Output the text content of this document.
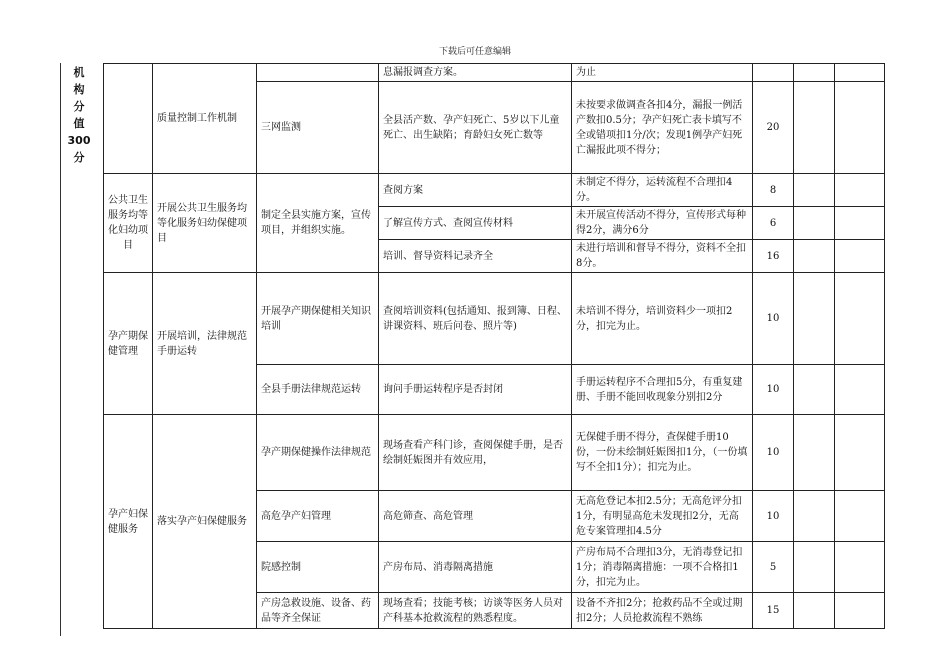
下载后可任意编辑
机
构
分
值
300
分
	质量控制工作机制		息漏报调查方案。	为止			
		三网监测	全县活产数、孕产妇死亡、5岁以下儿童死亡、出生缺陷；育龄妇女死亡数等	未按要求做调查各扣4分，漏报一例活产数扣0.5分；孕产妇死亡表卡填写不全或错项扣1分/次；发现1例孕产妇死亡漏报此项不得分；	20		
公共卫生服务均等化妇幼项目	开展公共卫生服务均等化服务妇幼保健项目	制定全县实施方案，宣传项目，并组织实施。	查阅方案	未制定不得分，运转流程不合理扣4分。	8		
			了解宣传方式、查阅宣传材料	未开展宣传活动不得分，宣传形式每种得2分，满分6分	6		
			培训、督导资料记录齐全	未进行培训和督导不得分，资料不全扣8分。	16		
孕产期保健管理	开展培训，法律规范手册运转	开展孕产期保健相关知识培训	查阅培训资料(包括通知、报到簿、日程、讲课资料、班后问卷、照片等)	未培训不得分，培训资料少一项扣2分，扣完为止。	10		
		全县手册法律规范运转	询问手册运转程序是否封闭	手册运转程序不合理扣5分，有重复建册、手册不能回收现象分别扣2分	10		
孕产妇保健服务	落实孕产妇保健服务	孕产期保健操作法律规范	现场查看产科门诊，查阅保健手册，是否绘制妊娠图并有效应用，	无保健手册不得分，查保健手册10份，一份未绘制妊娠图扣1分，（一份填写不全扣1分）；扣完为止。	10		
		高危孕产妇管理	高危筛查、高危管理	无高危登记本扣2.5分；无高危评分扣1分，有明显高危未发现扣2分，无高危专案管理扣4.5分	10		
		院感控制	产房布局、消毒隔离措施	产房布局不合理扣3分，无消毒登记扣1分；消毒隔离措施：一项不合格扣1分，扣完为止。	5		
		产房急救设施、设备、药品等齐全保证	现场查看；技能考核；访谈等医务人员对产科基本抢救流程的熟悉程度。	设备不齐扣2分；抢救药品不全或过期扣2分；人员抢救流程不熟练	15		
